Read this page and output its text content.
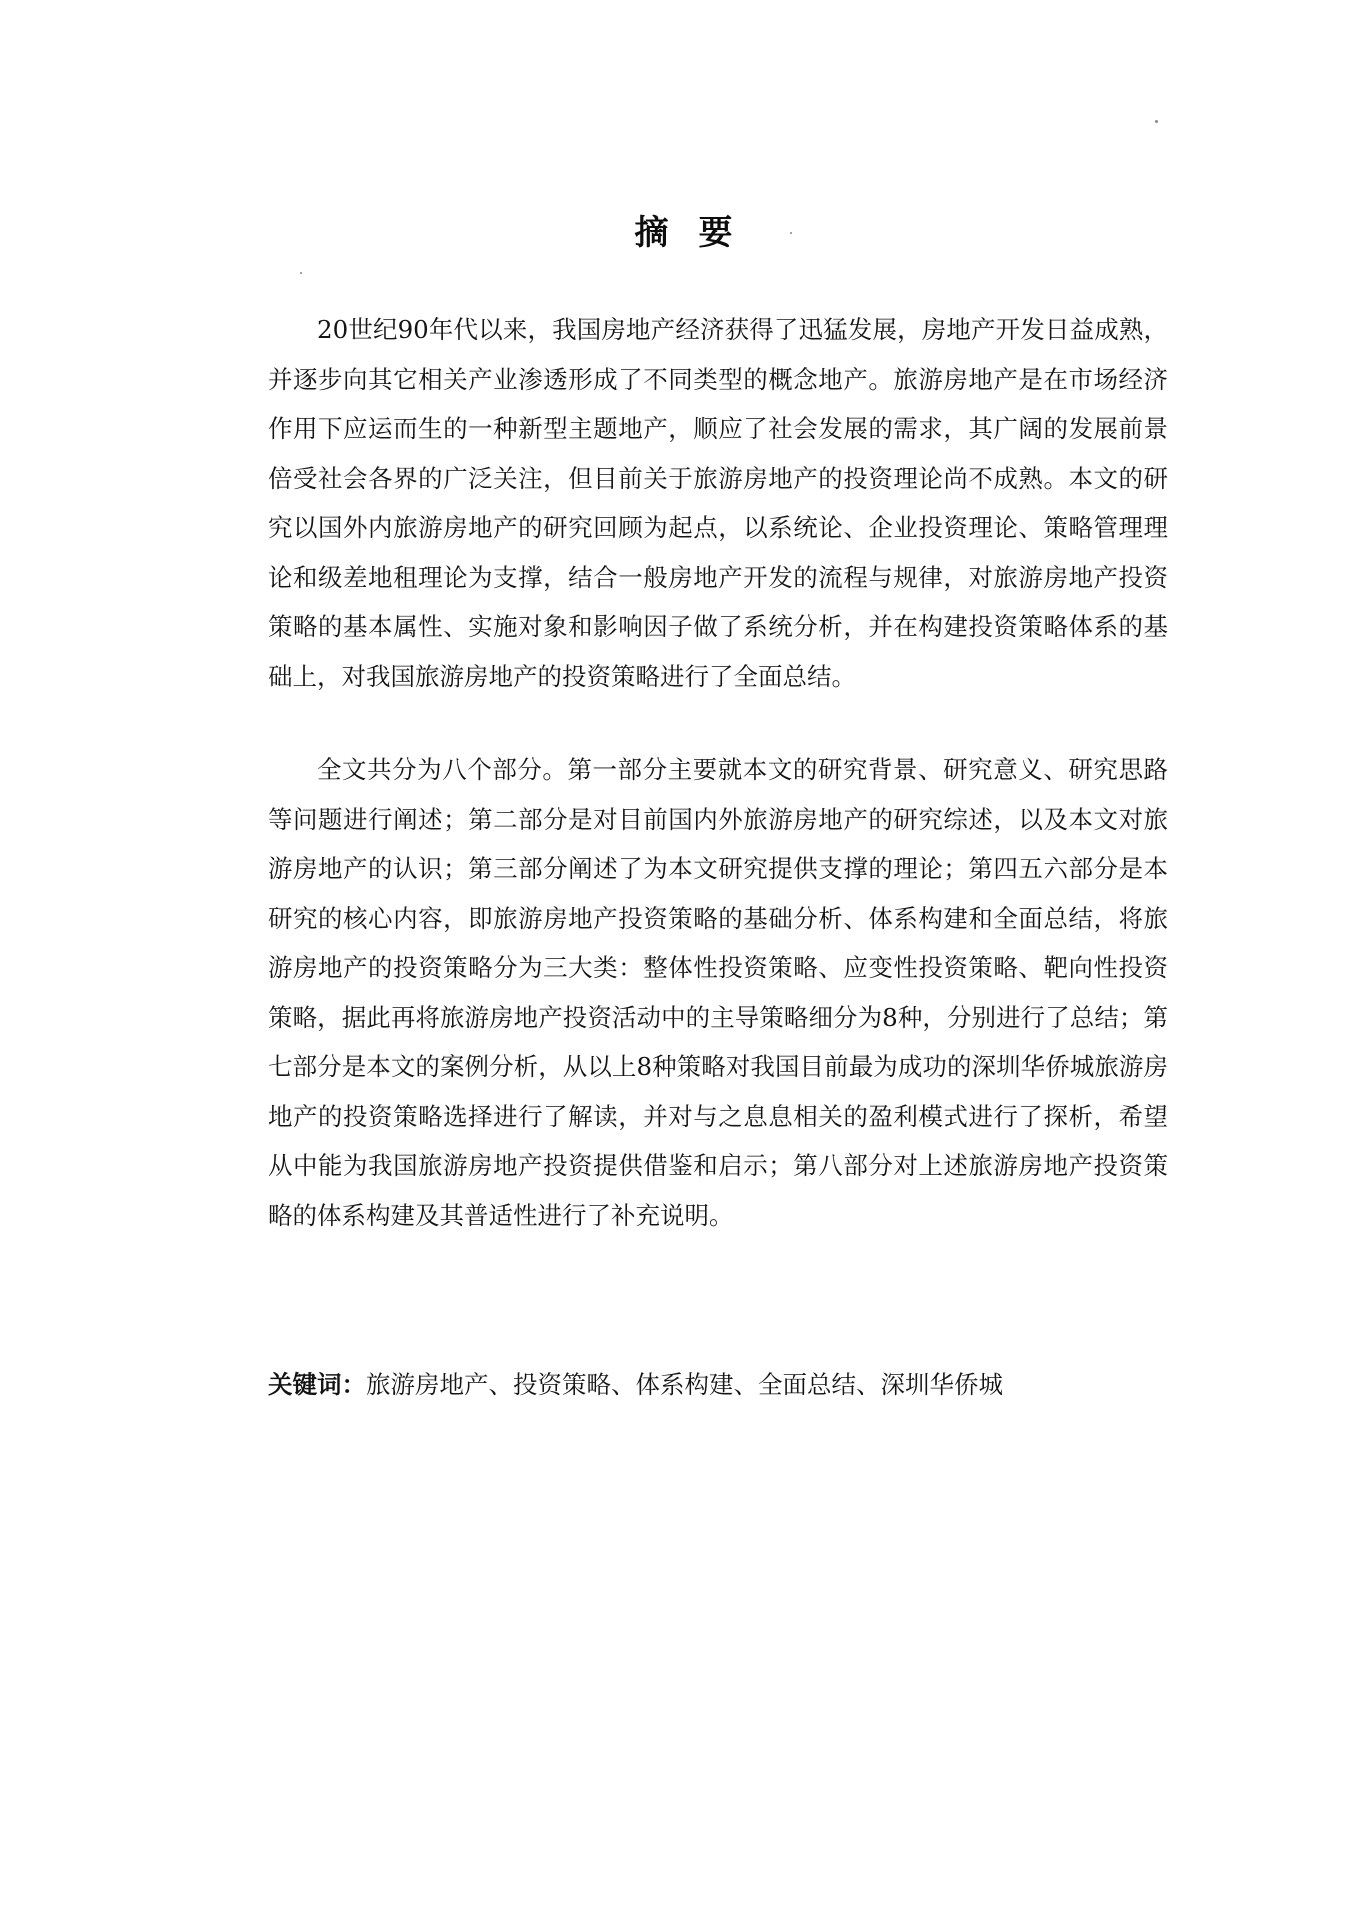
摘要

20世纪90年代以来，我国房地产经济获得了迅猛发展，房地产开发日益成熟，并逐步向其它相关产业渗透形成了不同类型的概念地产。旅游房地产是在市场经济作用下应运而生的一种新型主题地产，顺应了社会发展的需求，其广阔的发展前景倍受社会各界的广泛关注，但目前关于旅游房地产的投资理论尚不成熟。本文的研究以国外内旅游房地产的研究回顾为起点，以系统论、企业投资理论、策略管理理论和级差地租理论为支撑，结合一般房地产开发的流程与规律，对旅游房地产投资策略的基本属性、实施对象和影响因子做了系统分析，并在构建投资策略体系的基础上，对我国旅游房地产的投资策略进行了全面总结。

全文共分为八个部分。第一部分主要就本文的研究背景、研究意义、研究思路等问题进行阐述；第二部分是对目前国内外旅游房地产的研究综述，以及本文对旅游房地产的认识；第三部分阐述了为本文研究提供支撑的理论；第四五六部分是本研究的核心内容，即旅游房地产投资策略的基础分析、体系构建和全面总结，将旅游房地产的投资策略分为三大类：整体性投资策略、应变性投资策略、靶向性投资策略，据此再将旅游房地产投资活动中的主导策略细分为8种，分别进行了总结；第七部分是本文的案例分析，从以上8种策略对我国目前最为成功的深圳华侨城旅游房地产的投资策略选择进行了解读，并对与之息息相关的盈利模式进行了探析，希望从中能为我国旅游房地产投资提供借鉴和启示；第八部分对上述旅游房地产投资策略的体系构建及其普适性进行了补充说明。

关键词：旅游房地产、投资策略、体系构建、全面总结、深圳华侨城
